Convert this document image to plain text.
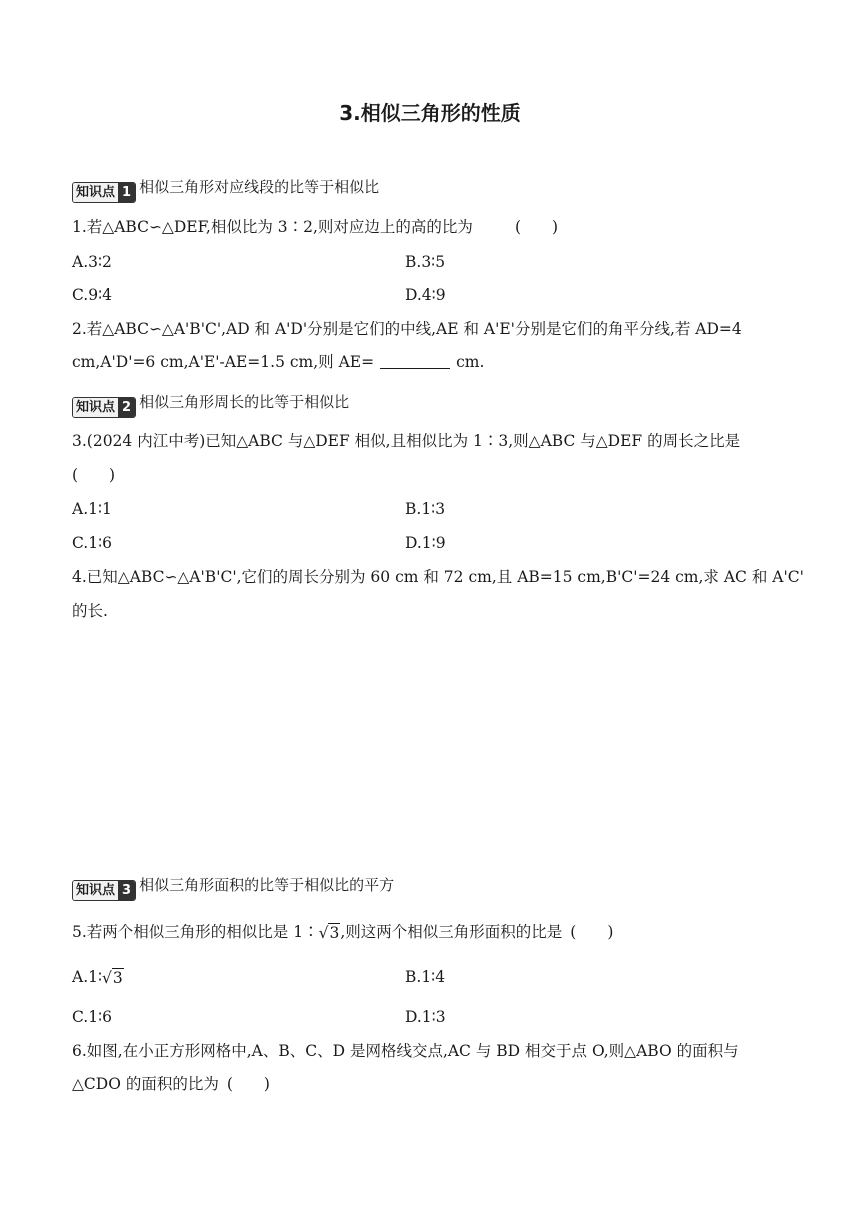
3.相似三角形的性质
知识点 1 相似三角形对应线段的比等于相似比
1.若△ABC∽△DEF,相似比为 3∶2,则对应边上的高的比为	(　　)
A.3∶2	B.3∶5
C.9∶4	D.4∶9
2.若△ABC∽△A'B'C',AD 和 A'D'分别是它们的中线,AE 和 A'E'分别是它们的角平分线,若 AD=4
cm,A'D'=6 cm,A'E'-AE=1.5 cm,则 AE=	cm.
知识点 2 相似三角形周长的比等于相似比
3.(2024 内江中考)已知△ABC 与△DEF 相似,且相似比为 1∶3,则△ABC 与△DEF 的周长之比是
(　　)
A.1∶1	B.1∶3
C.1∶6	D.1∶9
4.已知△ABC∽△A'B'C',它们的周长分别为 60 cm 和 72 cm,且 AB=15 cm,B'C'=24 cm,求 AC 和 A'C'
的长.
知识点 3 相似三角形面积的比等于相似比的平方
5.若两个相似三角形的相似比是 1∶√3,则这两个相似三角形面积的比是 (　　)
A.1∶√3	B.1∶4
C.1∶6	D.1∶3
6.如图,在小正方形网格中,A、B、C、D 是网格线交点,AC 与 BD 相交于点 O,则△ABO 的面积与
△CDO 的面积的比为 (　　)
